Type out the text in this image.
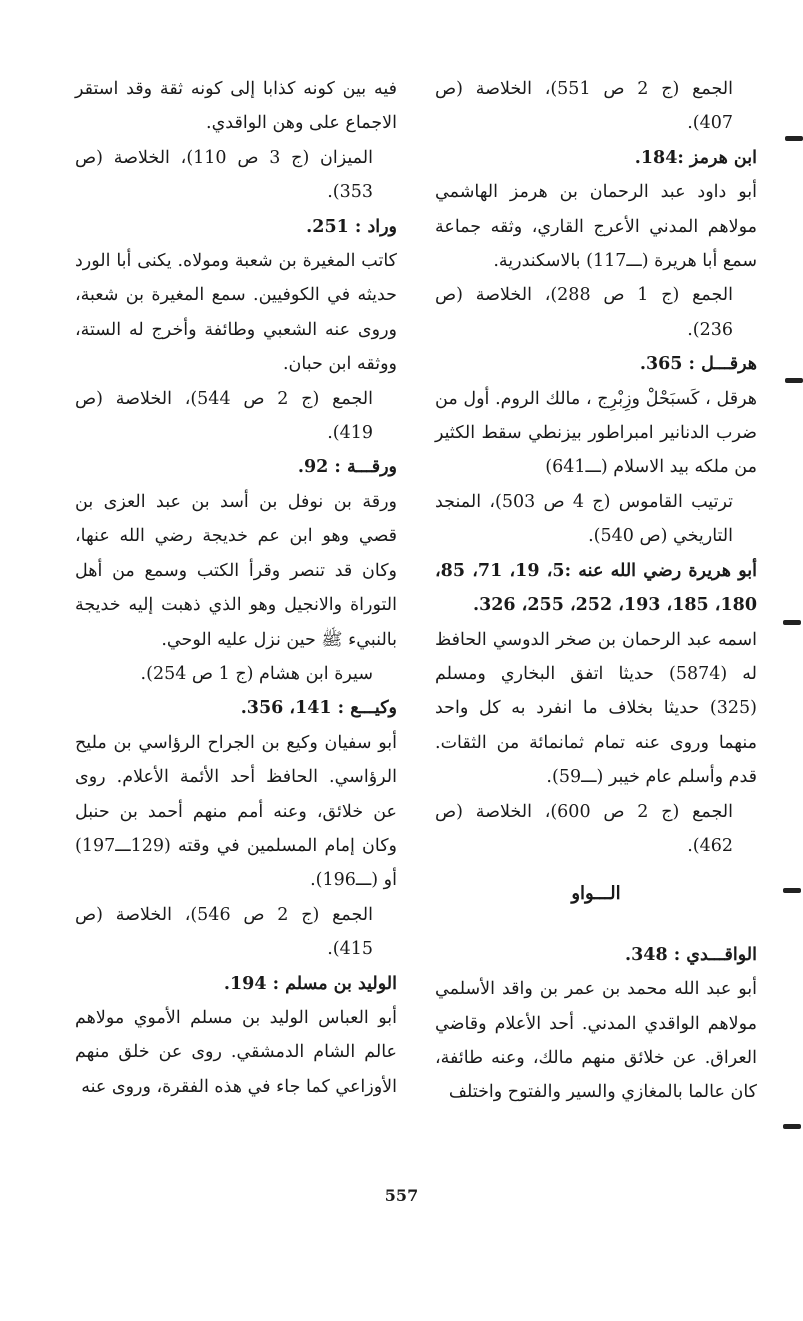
الجمع (ج 2 ص 551)، الخلاصة (ص 407).

ابن هرمز :184.

أبو داود عبد الرحمان بن هرمز الهاشمي مولاهم المدني الأعرج القاري، وثقه جماعة سمع أبا هريرة (ـــ117) بالاسكندرية.

الجمع (ج 1 ص 288)، الخلاصة (ص 236).

هرقـــل : 365.

هرقل ، كَسبَحْلْ وزِبْرِج ، مالك الروم. أول من ضرب الدنانير امبراطور بيزنطي سقط الكثير من ملكه بيد الاسلام (ـــ641)

ترتيب القاموس (ج 4 ص 503)، المنجد التاريخي (ص 540).

أبو هريرة رضي الله عنه :5، 19، 71، 85، 180، 185، 193، 252، 255، 326.

اسمه عبد الرحمان بن صخر الدوسي الحافظ له (5874) حديثا اتفق البخاري ومسلم (325) حديثا بخلاف ما انفرد به كل واحد منهما وروى عنه تمام ثمانمائة من الثقات. قدم وأسلم عام خيبر (ـــ59).

الجمع (ج 2 ص 600)، الخلاصة (ص 462).

الـــواو

الواقـــدي : 348.

أبو عبد الله محمد بن عمر بن واقد الأسلمي مولاهم الواقدي المدني. أحد الأعلام وقاضي العراق. عن خلائق منهم مالك، وعنه طائفة، كان عالما بالمغازي والسير والفتوح واختلف

فيه بين كونه كذابا إلى كونه ثقة وقد استقر الاجماع على وهن الواقدي.

الميزان (ج 3 ص 110)، الخلاصة (ص 353).

وراد : 251.

كاتب المغيرة بن شعبة ومولاه. يكنى أبا الورد حديثه في الكوفيين. سمع المغيرة بن شعبة، وروى عنه الشعبي وطائفة وأخرج له الستة، ووثقه ابن حبان.

الجمع (ج 2 ص 544)، الخلاصة (ص 419).

ورقـــة : 92.

ورقة بن نوفل بن أسد بن عبد العزى بن قصي وهو ابن عم خديجة رضي الله عنها، وكان قد تنصر وقرأ الكتب وسمع من أهل التوراة والانجيل وهو الذي ذهبت إليه خديجة بالنبيء ﷺ حين نزل عليه الوحي.

سيرة ابن هشام (ج 1 ص 254).

وكيـــع : 141، 356.

أبو سفيان وكيع بن الجراح الرؤاسي بن مليح الرؤاسي. الحافظ أحد الأئمة الأعلام. روى عن خلائق، وعنه أمم منهم أحمد بن حنبل وكان إمام المسلمين في وقته (129ـــ197) أو (ـــ196).

الجمع (ج 2 ص 546)، الخلاصة (ص 415).

الوليد بن مسلم : 194.

أبو العباس الوليد بن مسلم الأموي مولاهم عالم الشام الدمشقي. روى عن خلق منهم الأوزاعي كما جاء في هذه الفقرة، وروى عنه

557
